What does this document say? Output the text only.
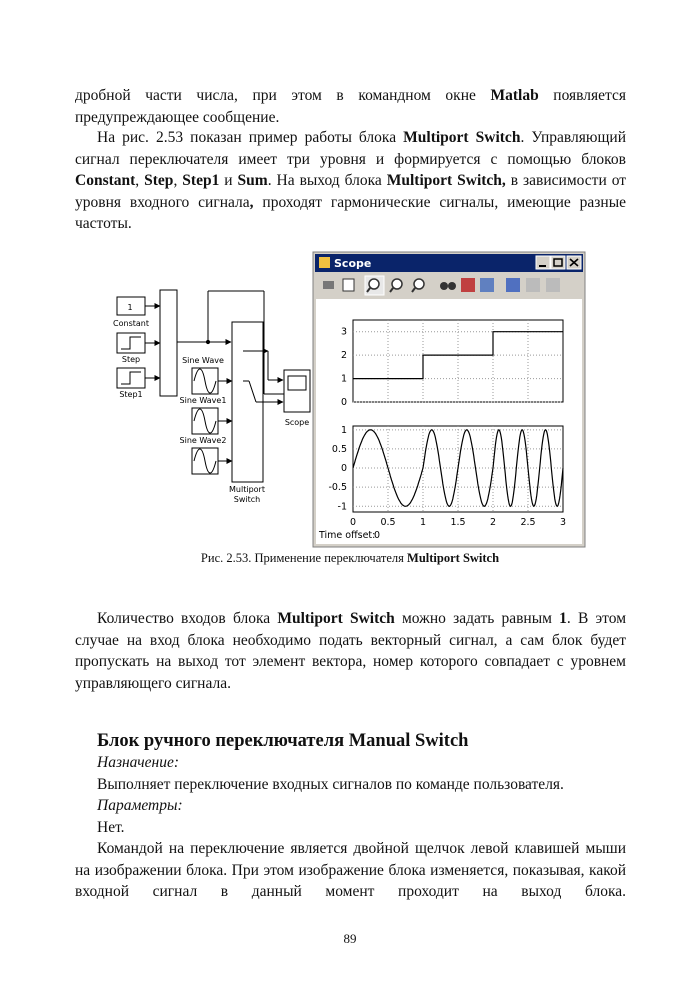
дробной части числа, при этом в командном окне Matlab появляется предупреждающее сообщение.

На рис. 2.53 показан пример работы блока Multiport Switch. Управляющий сигнал переключателя имеет три уровня и формируется с помощью блоков Constant, Step, Step1 и Sum. На выход блока Multiport Switch, в зависимости от уровня входного сигнала, проходят гармонические сигналы, имеющие разные частоты.

1
Constant
Step
Step1
Sine Wave
Sine Wave1
Sine Wave2
Multiport
Switch
Scope
Scope
0
1
2
3
1
0.5
0
-0.5
-1
0	0.5	1	1.5	2	2.5	3
Time offset:
0
Рис. 2.53. Применение переключателя Multiport Switch

Количество входов блока Multiport Switch можно задать равным 1. В этом случае на вход блока необходимо подать векторный сигнал, а сам блок будет пропускать на выход тот элемент вектора, номер которого совпадает с уровнем управляющего сигнала.

Блок ручного переключателя Manual Switch

Назначение:

Выполняет переключение входных сигналов по команде пользователя.

Параметры:

Нет.

Командой на переключение является двойной щелчок левой клавишей мыши на изображении блока. При этом изображение блока изменяется, показывая, какой входной сигнал в данный момент проходит на выход блока.

89
